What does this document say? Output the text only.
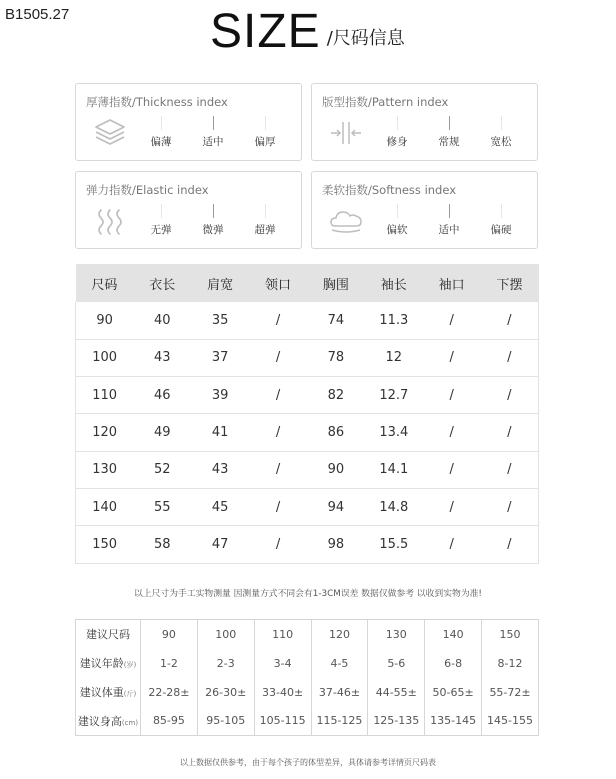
B1505.27	SIZE /尺码信息
厚薄指数/Thickness index
偏薄	适中	偏厚
版型指数/Pattern index
修身	常规	宽松
弹力指数/Elastic index
无弹	微弹	超弹
柔软指数/Softness index
偏软	适中	偏硬
尺码	衣长	肩宽	领口	胸围	袖长	袖口	下摆
90	40	35	/	74	11.3	/	/
100	43	37	/	78	12	/	/
110	46	39	/	82	12.7	/	/
120	49	41	/	86	13.4	/	/
130	52	43	/	90	14.1	/	/
140	55	45	/	94	14.8	/	/
150	58	47	/	98	15.5	/	/
以上尺寸为手工实物测量 因测量方式不同会有1-3CM误差 数据仅做参考 以收到实物为准!
建议尺码	90	100	110	120	130	140	150
建议年龄(岁)	1-2	2-3	3-4	4-5	5-6	6-8	8-12
建议体重(斤)	22-28±	26-30±	33-40±	37-46±	44-55±	50-65±	55-72±
建议身高(cm)	85-95	95-105	105-115	115-125	125-135	135-145	145-155
以上数据仅供参考，由于每个孩子的体型差异，具体请参考详情页尺码表
